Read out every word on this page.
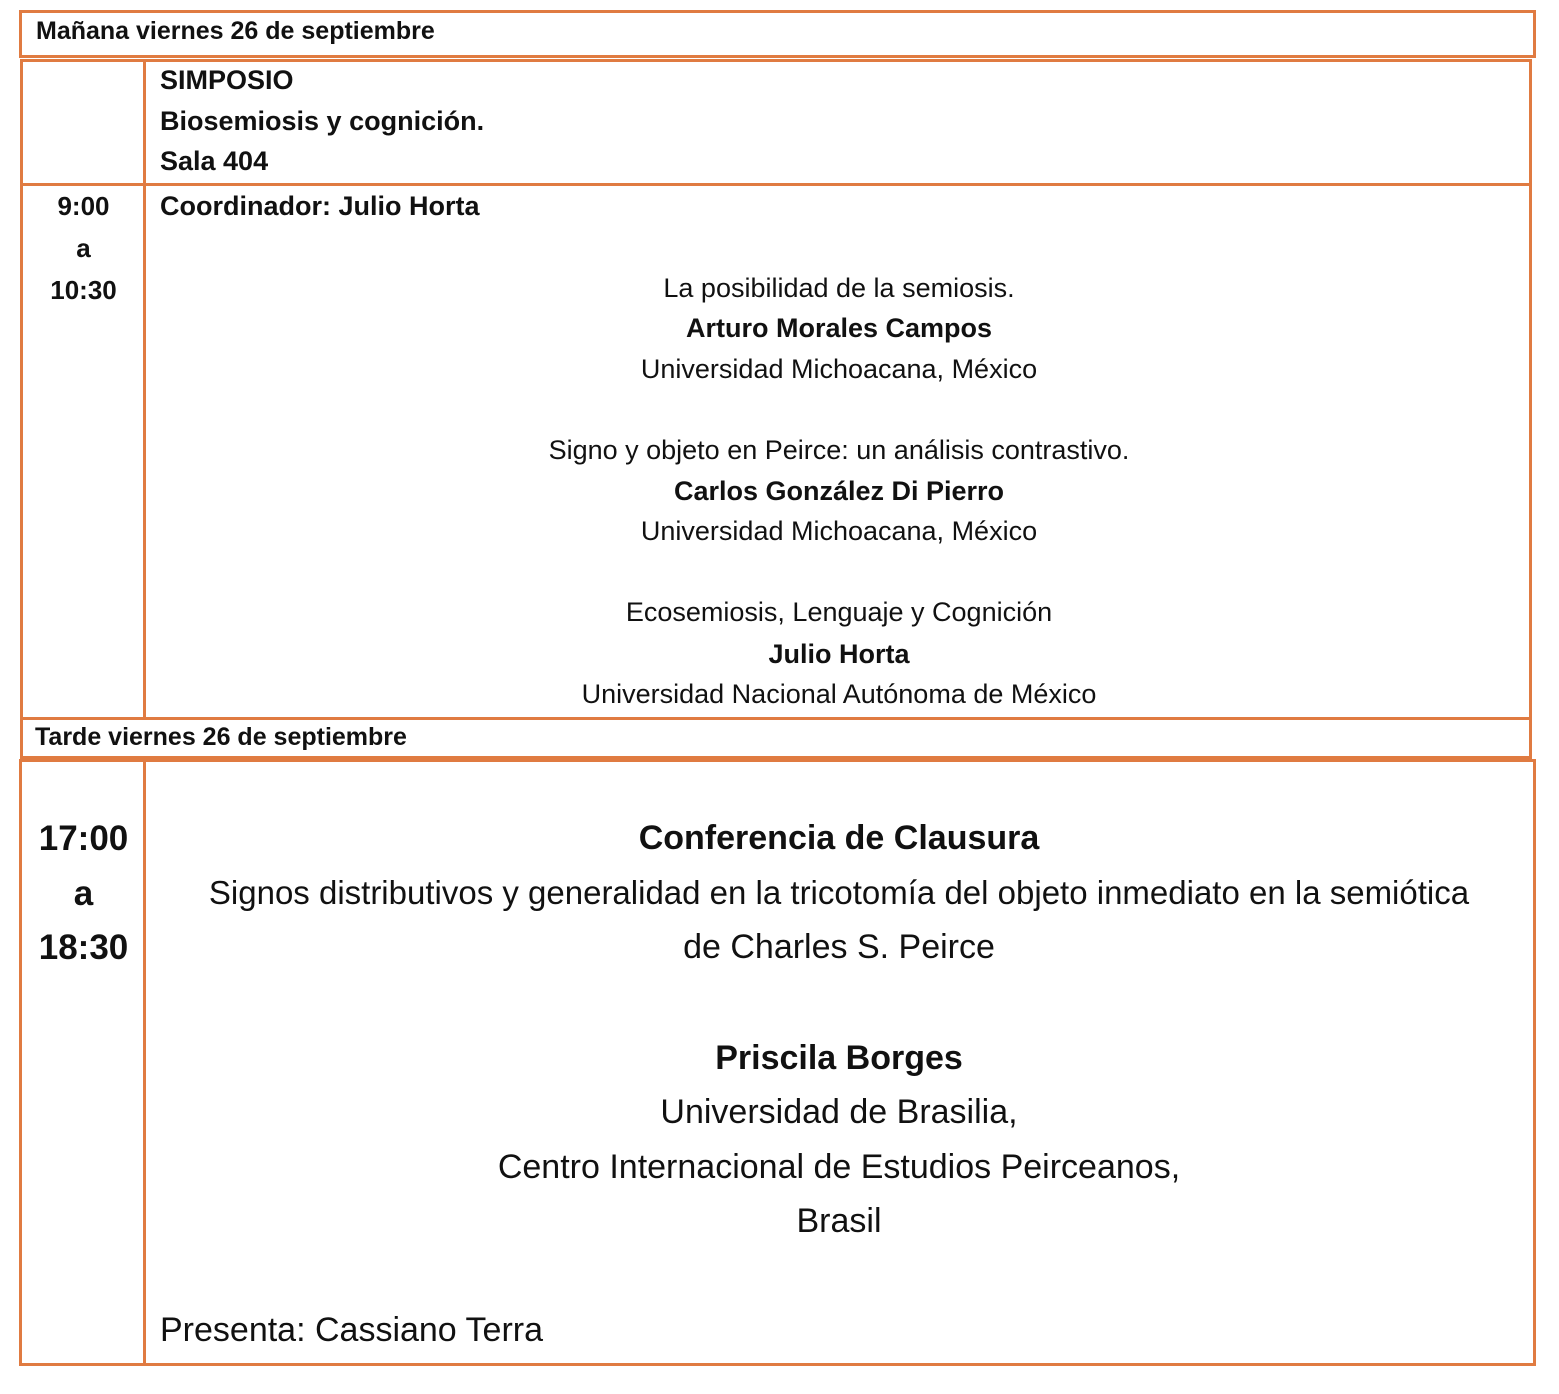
Mañana viernes 26 de septiembre
SIMPOSIO
Biosemiosis y cognición.
Sala 404
9:00
a
10:30
Coordinador: Julio Horta
La posibilidad de la semiosis.
Arturo Morales Campos
Universidad Michoacana, México
Signo y objeto en Peirce: un análisis contrastivo.
Carlos González Di Pierro
Universidad Michoacana, México
Ecosemiosis, Lenguaje y Cognición
Julio Horta
Universidad Nacional Autónoma de México
Tarde viernes 26 de septiembre
17:00
a
18:30
Conferencia de Clausura
Signos distributivos y generalidad en la tricotomía del objeto inmediato en la semiótica
de Charles S. Peirce
Priscila Borges
Universidad de Brasilia,
Centro Internacional de Estudios Peirceanos,
Brasil
Presenta: Cassiano Terra
